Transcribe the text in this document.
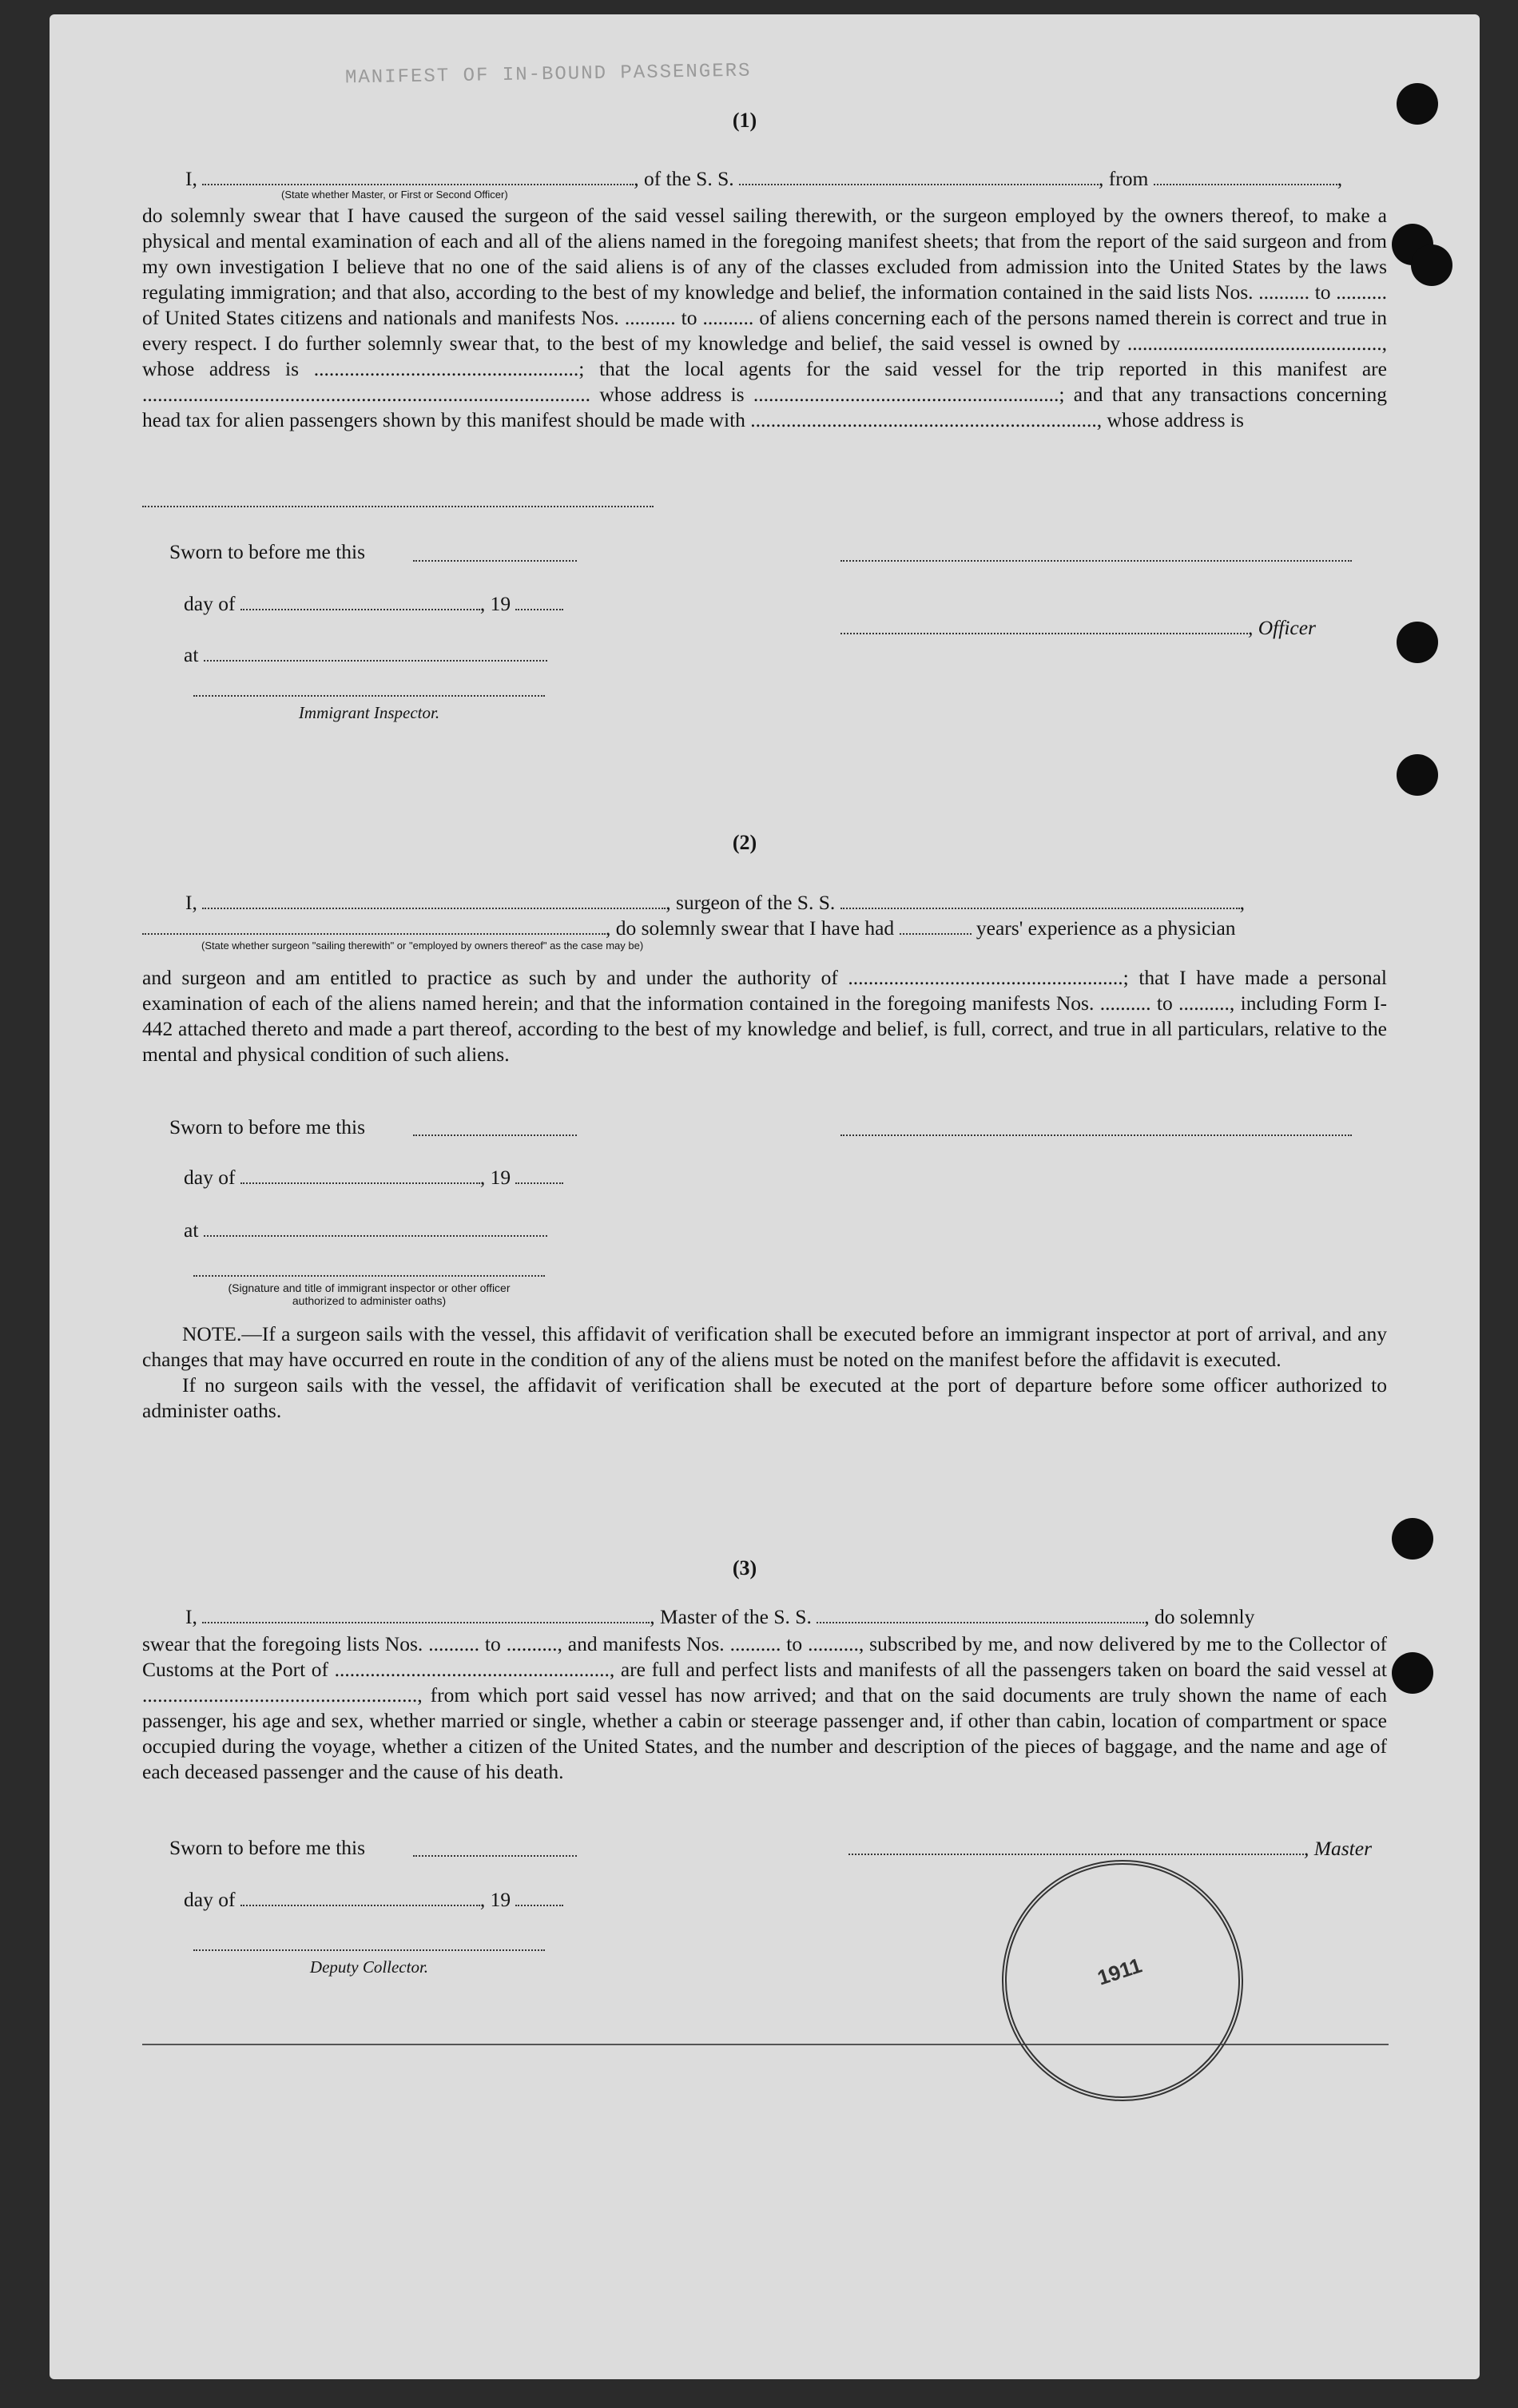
MANIFEST OF IN-BOUND PASSENGERS
(1)
I,	, of the S. S.	, from	,
(State whether Master, or First or Second Officer)

do solemnly swear that I have caused the surgeon of the said vessel sailing therewith, or the surgeon employed by the owners thereof, to make a physical and mental examination of each and all of the aliens named in the foregoing manifest sheets; that from the report of the said surgeon and from my own investigation I believe that no one of the said aliens is of any of the classes excluded from admission into the United States by the laws regulating immigration; and that also, according to the best of my knowledge and belief, the information contained in the said lists Nos. .......... to .......... of United States citizens and nationals and manifests Nos. .......... to .......... of aliens concerning each of the persons named therein is correct and true in every respect. I do further solemnly swear that, to the best of my knowledge and belief, the said vessel is owned by .................................................., whose address is ....................................................; that the local agents for the said vessel for the trip reported in this manifest are ........................................................................................ whose address is ............................................................; and that any transactions concerning head tax for alien passengers shown by this manifest should be made with ...................................................................., whose address is

Sworn to before me this
day of	, 19
at
, Officer
Immigrant Inspector.
(2)
I,	, surgeon of the S. S.	,
, do solemnly swear that I have had	years' experience as a physician
(State whether surgeon "sailing therewith" or "employed by owners thereof" as the case may be)

and surgeon and am entitled to practice as such by and under the authority of ......................................................; that I have made a personal examination of each of the aliens named herein; and that the information contained in the foregoing manifests Nos. .......... to .........., including Form I-442 attached thereto and made a part thereof, according to the best of my knowledge and belief, is full, correct, and true in all particulars, relative to the mental and physical condition of such aliens.

Sworn to before me this
day of	, 19
at
(Signature and title of immigrant inspector or other officer authorized to administer oaths)

NOTE.—If a surgeon sails with the vessel, this affidavit of verification shall be executed before an immigrant inspector at port of arrival, and any changes that may have occurred en route in the condition of any of the aliens must be noted on the manifest before the affidavit is executed.

If no surgeon sails with the vessel, the affidavit of verification shall be executed at the port of departure before some officer authorized to administer oaths.

(3)
I,	, Master of the S. S.	, do solemnly

swear that the foregoing lists Nos. .......... to .........., and manifests Nos. .......... to .........., subscribed by me, and now delivered by me to the Collector of Customs at the Port of ......................................................, are full and perfect lists and manifests of all the passengers taken on board the said vessel at ......................................................, from which port said vessel has now arrived; and that on the said documents are truly shown the name of each passenger, his age and sex, whether married or single, whether a cabin or steerage passenger and, if other than cabin, location of compartment or space occupied during the voyage, whether a citizen of the United States, and the number and description of the pieces of baggage, and the name and age of each deceased passenger and the cause of his death.

Sworn to before me this	, Master
day of	, 19
Deputy Collector.	1911
